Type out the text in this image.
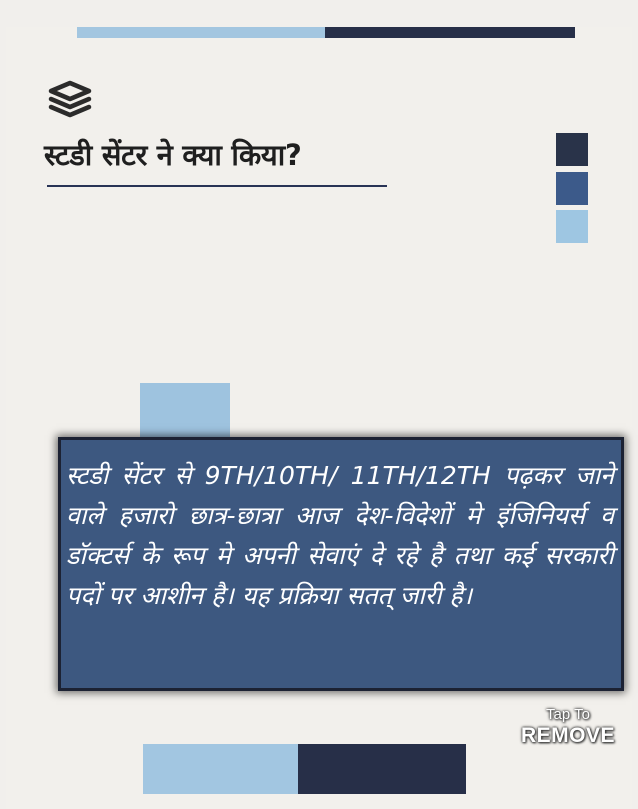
स्टडी सेंटर ने क्या किया?

स्टडी सेंटर से 9TH/10TH/ 11TH/12TH पढ़कर जाने वाले हजारो छात्र-छात्रा आज देश-विदेशों मे इंजिनियर्स व डॉक्टर्स के रूप मे अपनी सेवाएं दे रहे है तथा कई सरकारी पदों पर आशीन है। यह प्रक्रिया सतत् जारी है।

Tap To
REMOVE
